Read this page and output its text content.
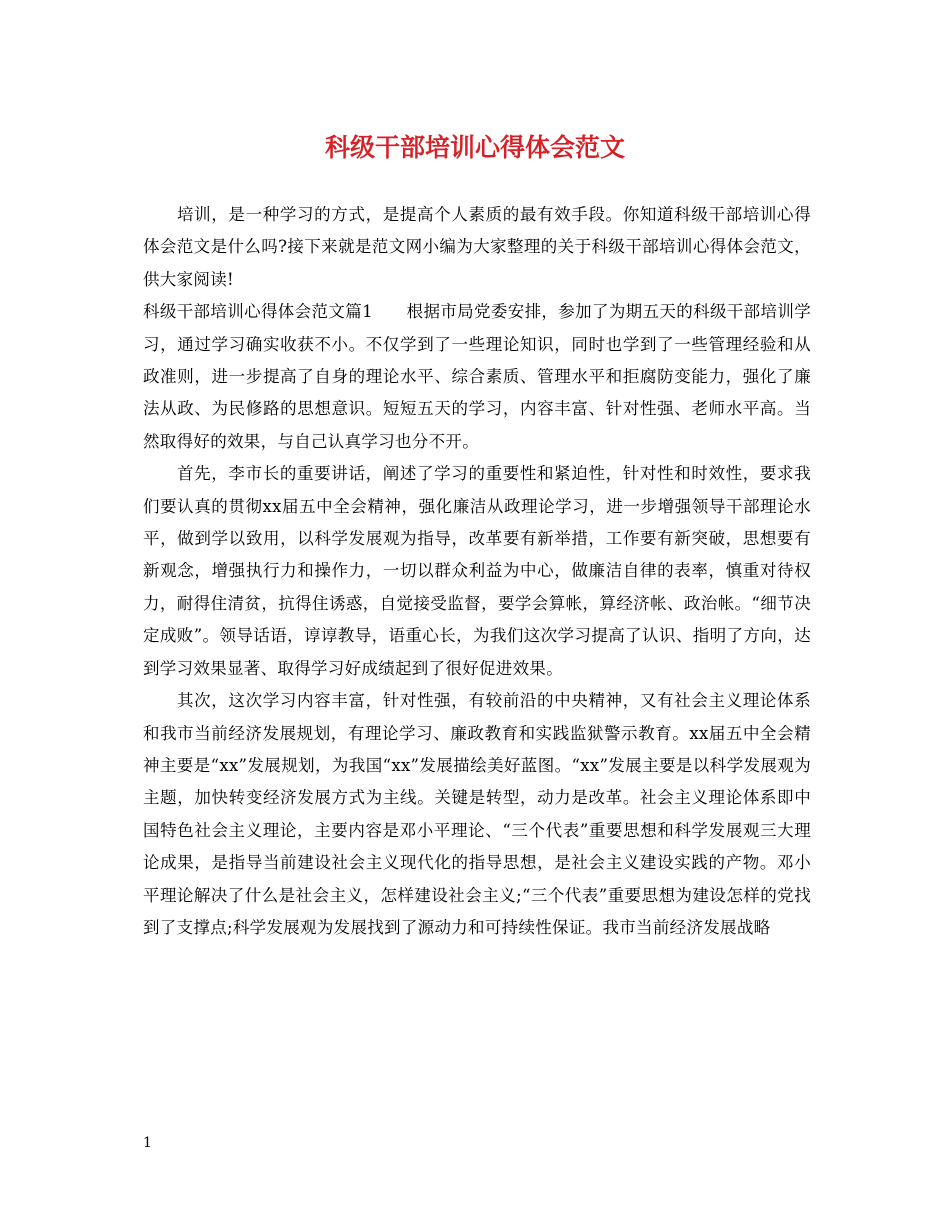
科级干部培训心得体会范文

培训，是一种学习的方式，是提高个人素质的最有效手段。你知道科级干部培训心得体会范文是什么吗?接下来就是范文网小编为大家整理的关于科级干部培训心得体会范文，供大家阅读!

科级干部培训心得体会范文篇1　　根据市局党委安排，参加了为期五天的科级干部培训学习，通过学习确实收获不小。不仅学到了一些理论知识，同时也学到了一些管理经验和从政准则，进一步提高了自身的理论水平、综合素质、管理水平和拒腐防变能力，强化了廉法从政、为民修路的思想意识。短短五天的学习，内容丰富、针对性强、老师水平高。当然取得好的效果，与自己认真学习也分不开。

首先，李市长的重要讲话，阐述了学习的重要性和紧迫性，针对性和时效性，要求我们要认真的贯彻xx届五中全会精神，强化廉洁从政理论学习，进一步增强领导干部理论水平，做到学以致用，以科学发展观为指导，改革要有新举措，工作要有新突破，思想要有新观念，增强执行力和操作力，一切以群众利益为中心，做廉洁自律的表率，慎重对待权力，耐得住清贫，抗得住诱惑，自觉接受监督，要学会算帐，算经济帐、政治帐。“细节决定成败”。领导话语，谆谆教导，语重心长，为我们这次学习提高了认识、指明了方向，达到学习效果显著、取得学习好成绩起到了很好促进效果。

其次，这次学习内容丰富，针对性强，有较前沿的中央精神，又有社会主义理论体系和我市当前经济发展规划，有理论学习、廉政教育和实践监狱警示教育。xx届五中全会精神主要是“xx”发展规划，为我国“xx”发展描绘美好蓝图。“xx”发展主要是以科学发展观为主题，加快转变经济发展方式为主线。关键是转型，动力是改革。社会主义理论体系即中国特色社会主义理论，主要内容是邓小平理论、“三个代表”重要思想和科学发展观三大理论成果，是指导当前建设社会主义现代化的指导思想，是社会主义建设实践的产物。邓小平理论解决了什么是社会主义，怎样建设社会主义;“三个代表”重要思想为建设怎样的党找到了支撑点;科学发展观为发展找到了源动力和可持续性保证。我市当前经济发展战略

1
